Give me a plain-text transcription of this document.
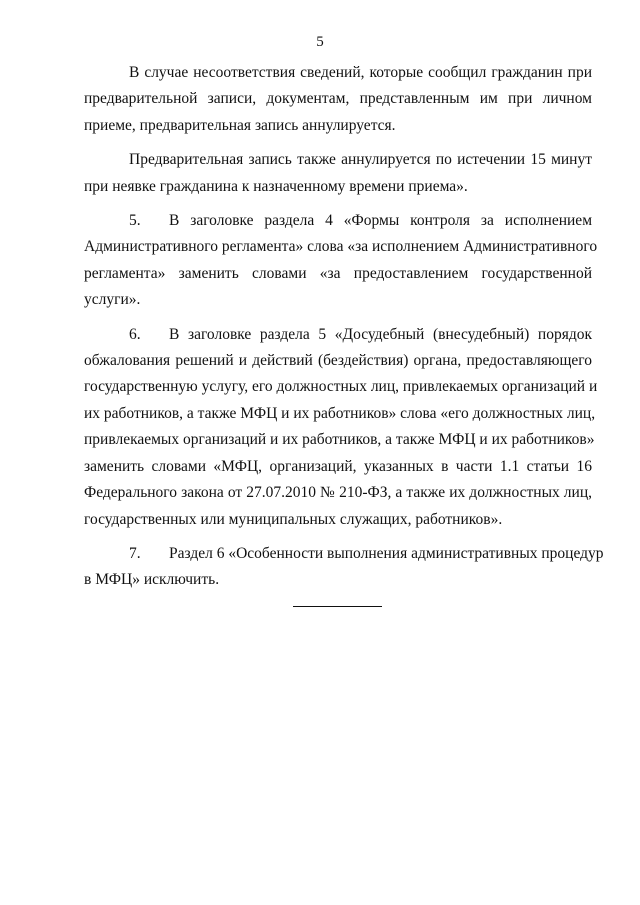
5

В случае несоответствия сведений, которые сообщил гражданин при
предварительной записи, документам, представленным им при личном
приеме, предварительная запись аннулируется.

Предварительная запись также аннулируется по истечении 15 минут
при неявке гражданина к назначенному времени приема».

5. В заголовке раздела 4 «Формы контроля за исполнением
Административного регламента» слова «за исполнением Административного
регламента» заменить словами «за предоставлением государственной
услуги».

6. В заголовке раздела 5 «Досудебный (внесудебный) порядок
обжалования решений и действий (бездействия) органа, предоставляющего
государственную услугу, его должностных лиц, привлекаемых организаций и
их работников, а также МФЦ и их работников» слова «его должностных лиц,
привлекаемых организаций и их работников, а также МФЦ и их работников»
заменить словами «МФЦ, организаций, указанных в части 1.1 статьи 16
Федерального закона от 27.07.2010 № 210-ФЗ, а также их должностных лиц,
государственных или муниципальных служащих, работников».

7. Раздел 6 «Особенности выполнения административных процедур
в МФЦ» исключить.
